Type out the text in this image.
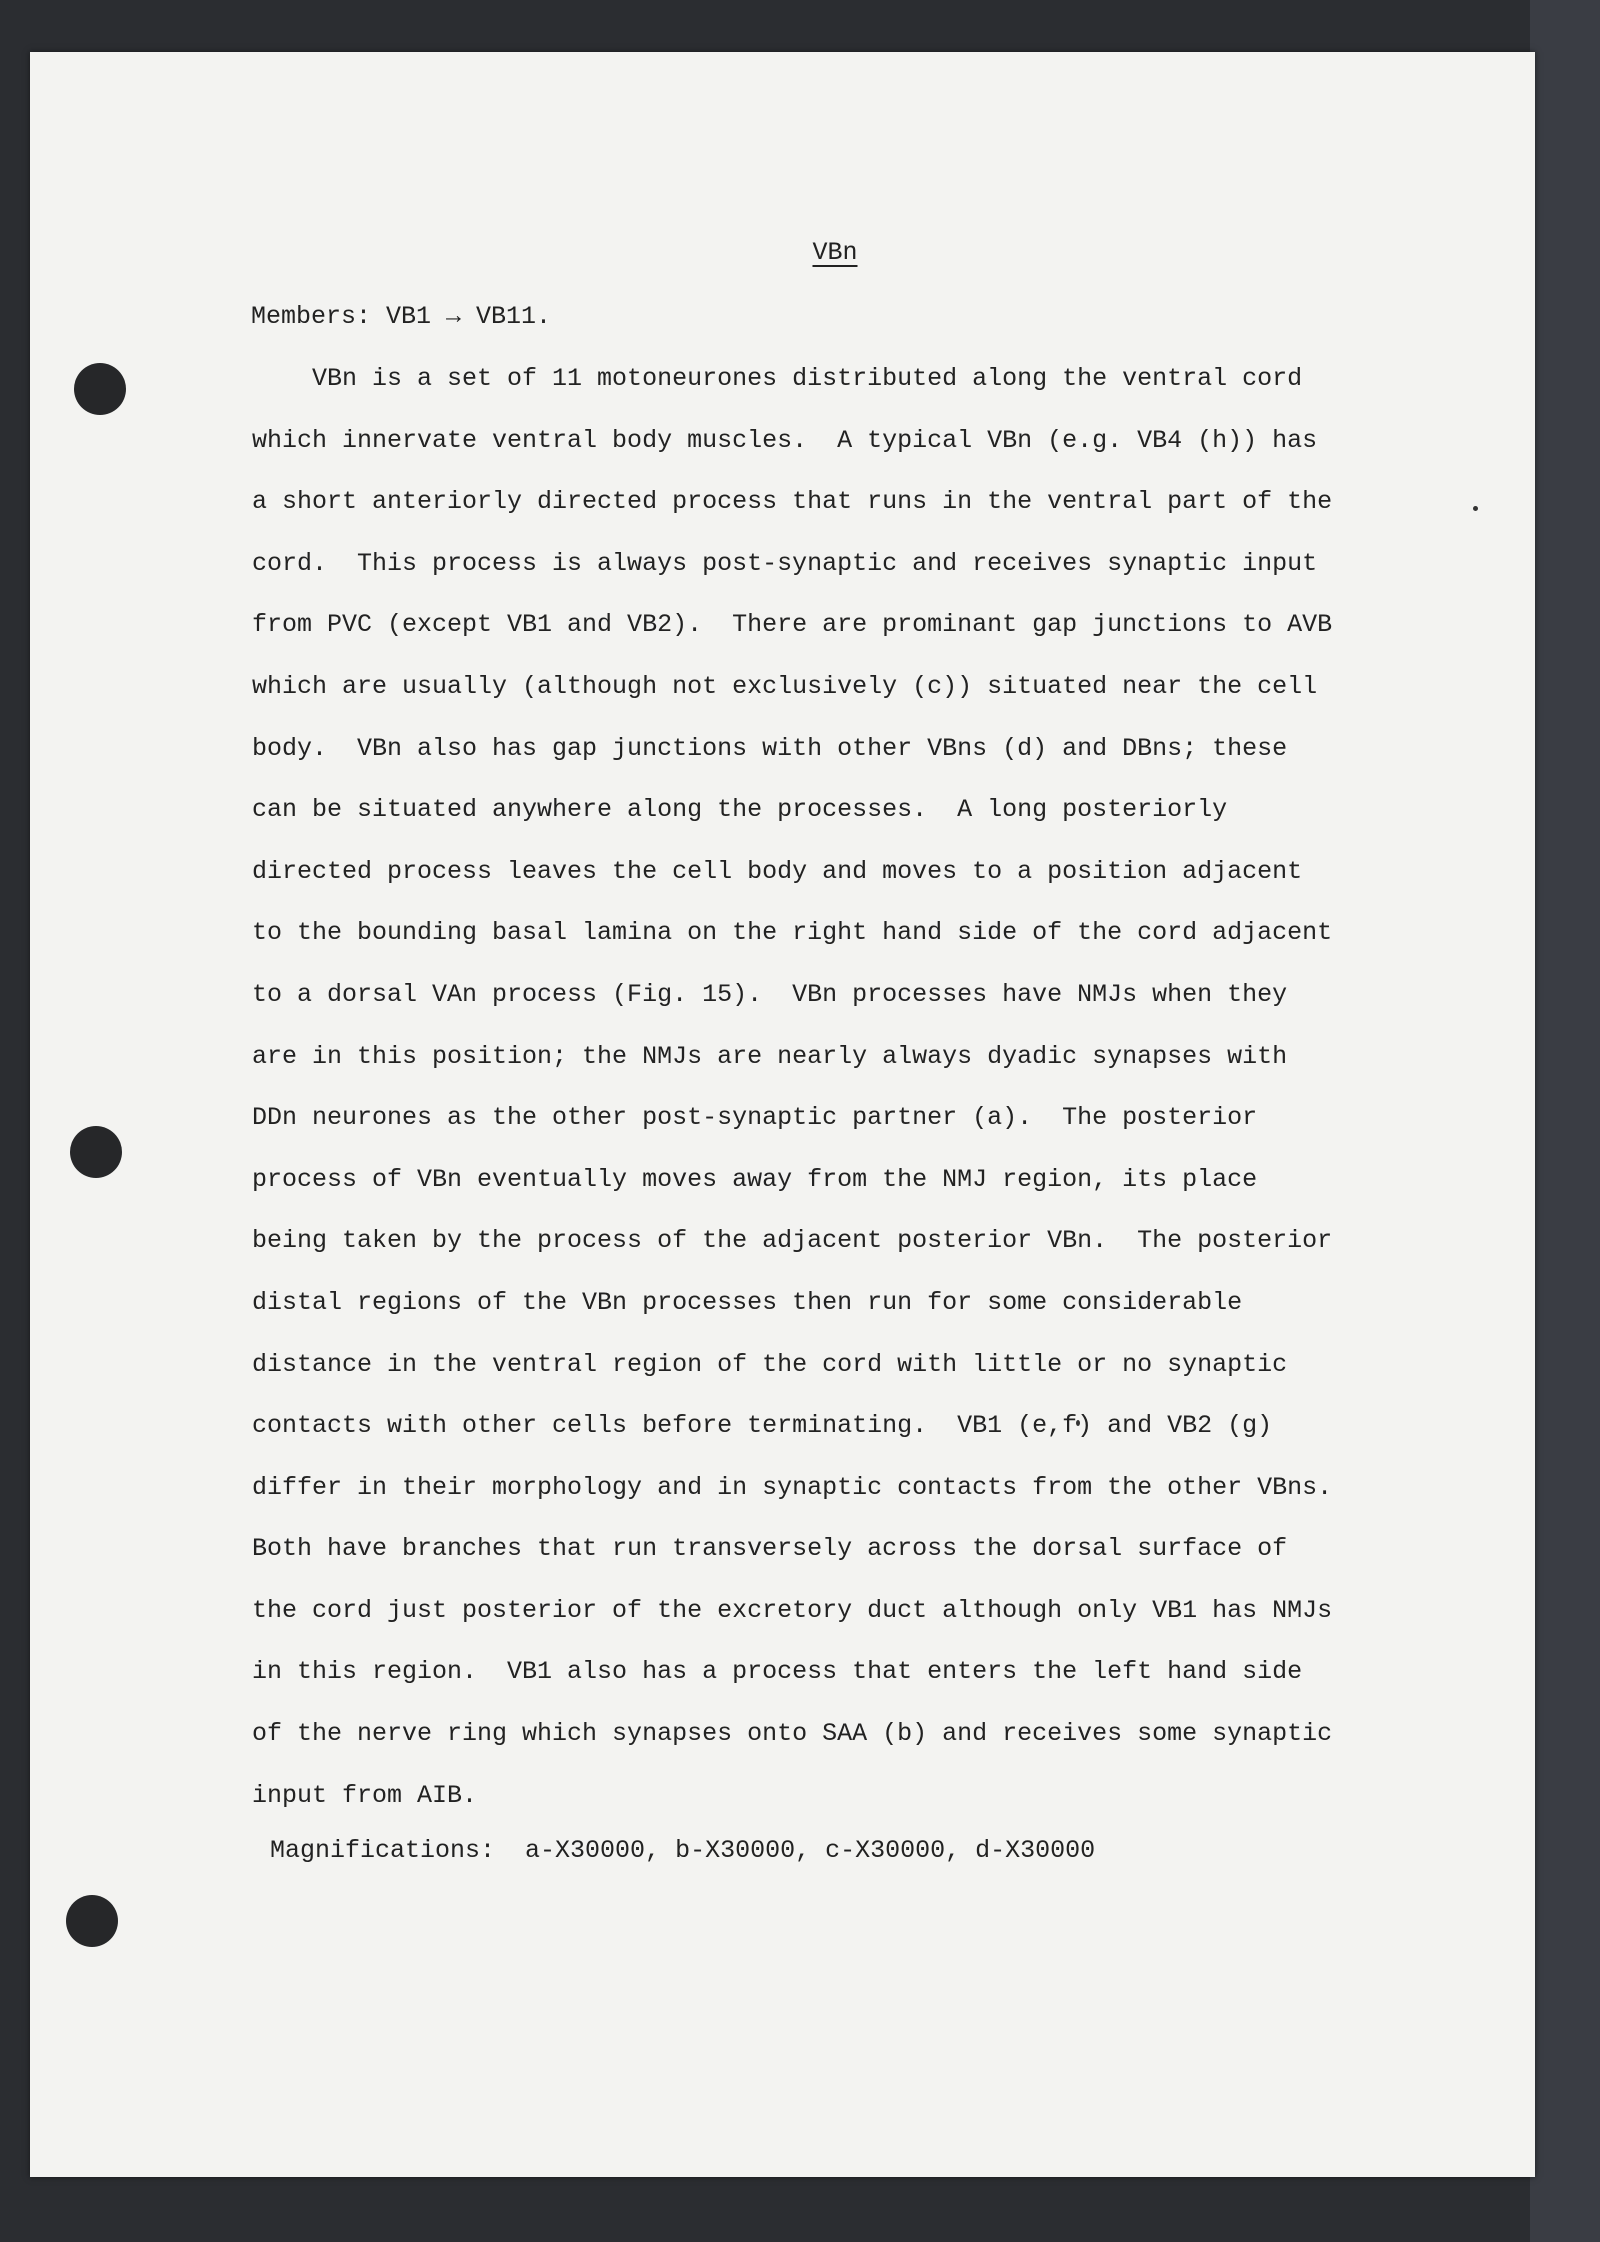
VBn
Members: VB1 → VB11.
VBn is a set of 11 motoneurones distributed along the ventral cord
which innervate ventral body muscles.  A typical VBn (e.g. VB4 (h)) has
a short anteriorly directed process that runs in the ventral part of the
cord.  This process is always post-synaptic and receives synaptic input
from PVC (except VB1 and VB2).  There are prominant gap junctions to AVB
which are usually (although not exclusively (c)) situated near the cell
body.  VBn also has gap junctions with other VBns (d) and DBns; these
can be situated anywhere along the processes.  A long posteriorly
directed process leaves the cell body and moves to a position adjacent
to the bounding basal lamina on the right hand side of the cord adjacent
to a dorsal VAn process (Fig. 15).  VBn processes have NMJs when they
are in this position; the NMJs are nearly always dyadic synapses with
DDn neurones as the other post-synaptic partner (a).  The posterior
process of VBn eventually moves away from the NMJ region, its place
being taken by the process of the adjacent posterior VBn.  The posterior
distal regions of the VBn processes then run for some considerable
distance in the ventral region of the cord with little or no synaptic
contacts with other cells before terminating.  VB1 (e,f) and VB2 (g)
differ in their morphology and in synaptic contacts from the other VBns.
Both have branches that run transversely across the dorsal surface of
the cord just posterior of the excretory duct although only VB1 has NMJs
in this region.  VB1 also has a process that enters the left hand side
of the nerve ring which synapses onto SAA (b) and receives some synaptic
input from AIB.
Magnifications:  a-X30000, b-X30000, c-X30000, d-X30000
